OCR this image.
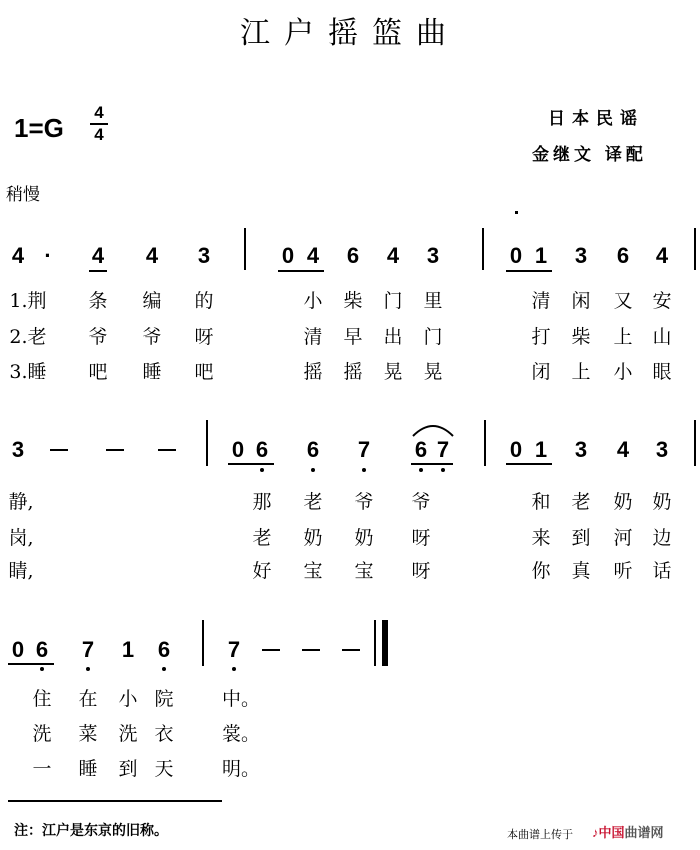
江户摇篮曲
1=G
4
4
日本民谣
金继文 译配
稍慢
4 · 4 4 3	0 4 6 4 3	0 1 3 6 4
1.荆 条 编 的	小 柴 门 里	清 闲 又 安
2.老 爷 爷 呀	清 早 出 门	打 柴 上 山
3.睡 吧 睡 吧	摇 摇 晃 晃	闭 上 小 眼
3	0 6 6 7 6 7	0 1 3 4 3
静,	那 老 爷 爷	和 老 奶 奶
岗,	老 奶 奶 呀	来 到 河 边
睛,	好 宝 宝 呀	你 真 听 话
0 6 7 1 6	7
住 在 小 院	中。
洗 菜 洗 衣	裳。
一 睡 到 天	明。
注：江户是东京的旧称。	本曲谱上传于 ♪中国曲谱网
